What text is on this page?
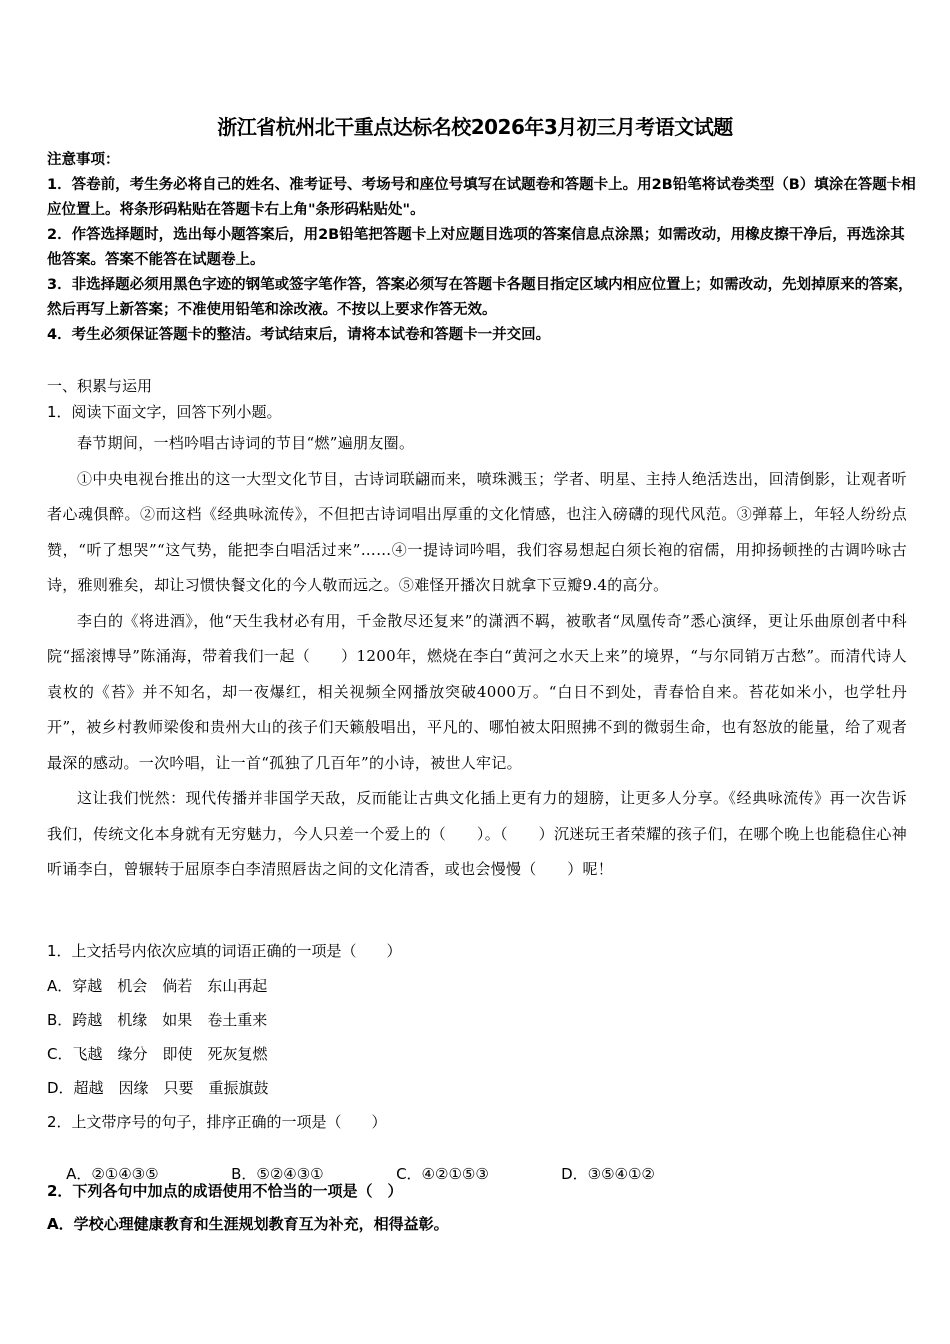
浙江省杭州北干重点达标名校2026年3月初三月考语文试题

注意事项：

1．答卷前，考生务必将自己的姓名、准考证号、考场号和座位号填写在试题卷和答题卡上。用2B铅笔将试卷类型（B）填涂在答题卡相应位置上。将条形码粘贴在答题卡右上角"条形码粘贴处"。

2．作答选择题时，选出每小题答案后，用2B铅笔把答题卡上对应题目选项的答案信息点涂黑；如需改动，用橡皮擦干净后，再选涂其他答案。答案不能答在试题卷上。

3．非选择题必须用黑色字迹的钢笔或签字笔作答，答案必须写在答题卡各题目指定区域内相应位置上；如需改动，先划掉原来的答案，然后再写上新答案；不准使用铅笔和涂改液。不按以上要求作答无效。

4．考生必须保证答题卡的整洁。考试结束后，请将本试卷和答题卡一并交回。

一、积累与运用
1．阅读下面文字，回答下列小题。

春节期间，一档吟唱古诗词的节目“燃”遍朋友圈。

①中央电视台推出的这一大型文化节目，古诗词联翩而来，喷珠溅玉；学者、明星、主持人绝活迭出，回清倒影，让观者听者心魂俱醉。②而这档《经典咏流传》，不但把古诗词唱出厚重的文化情感，也注入磅礴的现代风范。③弹幕上，年轻人纷纷点赞，“听了想哭”“这气势，能把李白唱活过来”……④一提诗词吟唱，我们容易想起白须长袍的宿儒，用抑扬顿挫的古调吟咏古诗，雅则雅矣，却让习惯快餐文化的今人敬而远之。⑤难怪开播次日就拿下豆瓣9.4的高分。

李白的《将进酒》，他“天生我材必有用，千金散尽还复来”的潇洒不羁，被歌者“凤凰传奇”悉心演绎，更让乐曲原创者中科院“摇滚博导”陈涌海，带着我们一起（　　）1200年，燃烧在李白“黄河之水天上来”的境界，“与尔同销万古愁”。而清代诗人袁枚的《苔》并不知名，却一夜爆红，相关视频全网播放突破4000万。“白日不到处，青春恰自来。苔花如米小，也学牡丹开”，被乡村教师梁俊和贵州大山的孩子们天籁般唱出，平凡的、哪怕被太阳照拂不到的微弱生命，也有怒放的能量，给了观者最深的感动。一次吟唱，让一首“孤独了几百年”的小诗，被世人牢记。

这让我们恍然：现代传播并非国学天敌，反而能让古典文化插上更有力的翅膀，让更多人分享。《经典咏流传》再一次告诉我们，传统文化本身就有无穷魅力，今人只差一个爱上的（　　）。（　　）沉迷玩王者荣耀的孩子们，在哪个晚上也能稳住心神听诵李白，曾辗转于屈原李白李清照唇齿之间的文化清香，或也会慢慢（　　）呢！

1．上文括号内依次应填的词语正确的一项是（　　）
A．穿越　机会　倘若　东山再起
B．跨越　机缘　如果　卷土重来
C．飞越　缘分　即使　死灰复燃
D．超越　因缘　只要　重振旗鼓
2．上文带序号的句子，排序正确的一项是（　　）

A．②①④③⑤	B．⑤②④③①	C．④②①⑤③	D．③⑤④①②

2．下列各句中加点的成语使用不恰当的一项是（　）
A．学校心理健康教育和生涯规划教育互为补充，相得益彰。
